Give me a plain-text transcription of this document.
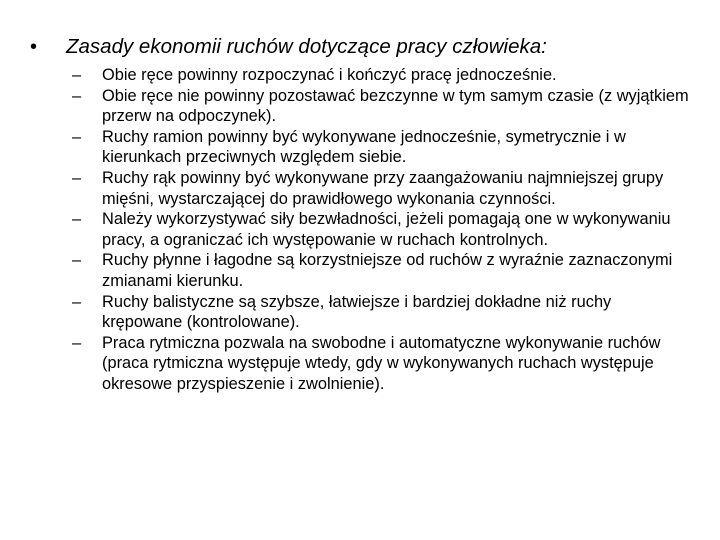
•	Zasady ekonomii ruchów dotyczące pracy człowieka:
–	Obie ręce powinny rozpoczynać i kończyć pracę jednocześnie.
–	Obie ręce nie powinny pozostawać bezczynne w tym samym czasie (z wyjątkiem przerw na odpoczynek).
–	Ruchy ramion powinny być wykonywane jednocześnie, symetrycznie i w kierunkach przeciwnych względem siebie.
–	Ruchy rąk powinny być wykonywane przy zaangażowaniu najmniejszej grupy mięśni, wystarczającej do prawidłowego wykonania czynności.
–	Należy wykorzystywać siły bezwładności, jeżeli pomagają one w wykonywaniu pracy, a ograniczać ich występowanie w ruchach kontrolnych.
–	Ruchy płynne i łagodne są korzystniejsze od ruchów z wyraźnie zaznaczonymi zmianami kierunku.
–	Ruchy balistyczne są szybsze, łatwiejsze i bardziej dokładne niż ruchy krępowane (kontrolowane).
–	Praca rytmiczna pozwala na swobodne i automatyczne wykonywanie ruchów (praca rytmiczna występuje wtedy, gdy w wykonywanych ruchach występuje okresowe przyspieszenie i zwolnienie).
